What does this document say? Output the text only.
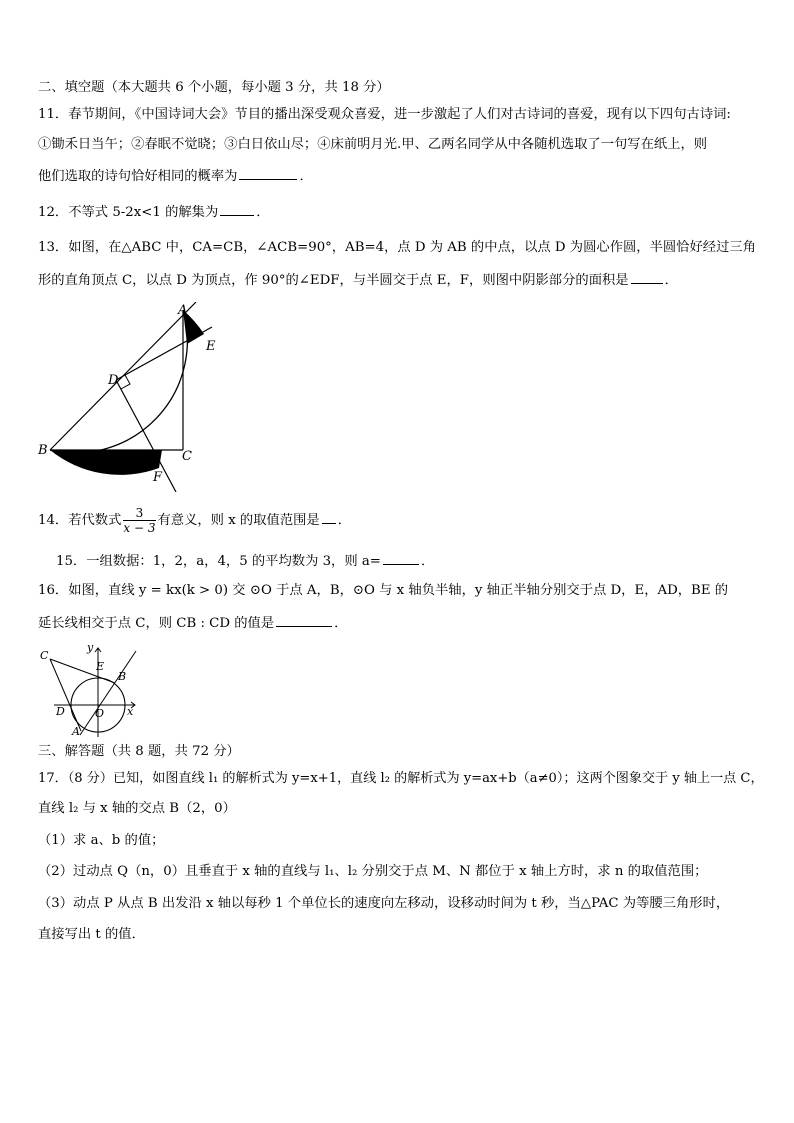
二、填空题（本大题共 6 个小题，每小题 3 分，共 18 分）
11．春节期间，《中国诗词大会》节目的播出深受观众喜爱，进一步激起了人们对古诗词的喜爱，现有以下四句古诗词:
①锄禾日当午；②春眠不觉晓；③白日依山尽；④床前明月光.甲、乙两名同学从中各随机选取了一句写在纸上，则
他们选取的诗句恰好相同的概率为	．
12．不等式 5-2x<1 的解集为	．
13．如图，在△ABC 中，CA=CB，∠ACB=90°，AB=4，点 D 为 AB 的中点，以点 D 为圆心作圆，半圆恰好经过三角
形的直角顶点 C，以点 D 为顶点，作 90°的∠EDF，与半圆交于点 E，F，则图中阴影部分的面积是	．
A
E
D
B	C
F
14．若代数式 $\frac{3}{x - 3}$ 有意义，则 x 的取值范围是 ．
15．一组数据：1，2，a，4，5 的平均数为 3，则 a=	．
16．如图，直线 y = kx(k > 0) 交 ⊙O 于点 A，B，⊙O 与 x 轴负半轴，y 轴正半轴分别交于点 D，E，AD，BE 的
延长线相交于点 C，则 CB : CD 的值是	．
C
y
E
B
D	O x
A
三、解答题（共 8 题，共 72 分）
17．（8 分）已知，如图直线 l₁ 的解析式为 y=x+1，直线 l₂ 的解析式为 y=ax+b（a≠0）；这两个图象交于 y 轴上一点 C，
直线 l₂ 与 x 轴的交点 B（2，0）
（1）求 a、b 的值；
（2）过动点 Q（n，0）且垂直于 x 轴的直线与 l₁、l₂ 分别交于点 M、N 都位于 x 轴上方时，求 n 的取值范围；
（3）动点 P 从点 B 出发沿 x 轴以每秒 1 个单位长的速度向左移动，设移动时间为 t 秒，当△PAC 为等腰三角形时，
直接写出 t 的值．
